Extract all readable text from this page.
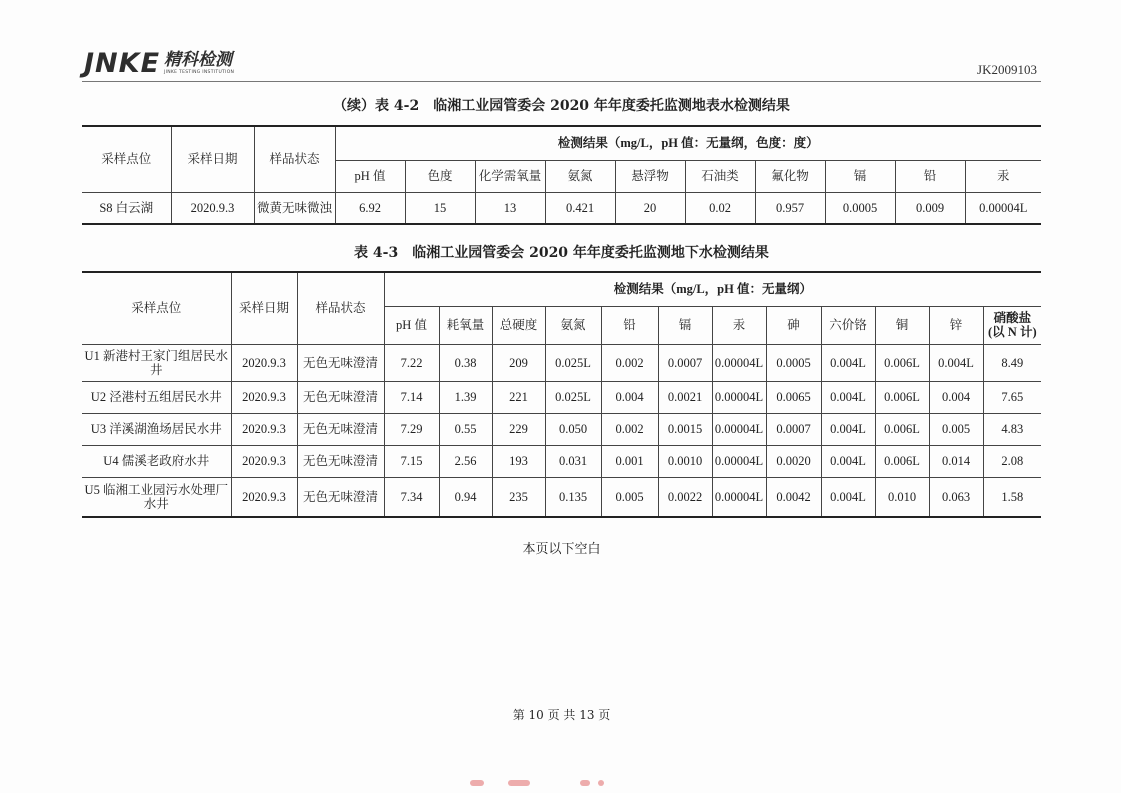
JNKE 精科检测
JINKE TESTING INSTITUTION	JK2009103
（续）表 4-2　临湘工业园管委会 2020 年年度委托监测地表水检测结果
采样点位	采样日期	样品状态	检测结果（mg/L，pH 值：无量纲，色度：度）									
			pH 值	色度	化学需氧量	氨氮	悬浮物	石油类	氟化物	镉	铅	汞
S8 白云湖	2020.9.3	微黄无味微浊	6.92	15	13	0.421	20	0.02	0.957	0.0005	0.009	0.00004L
表 4-3　临湘工业园管委会 2020 年年度委托监测地下水检测结果
采样点位	采样日期	样品状态	检测结果（mg/L，pH 值：无量纲）											
			pH 值	耗氧量	总硬度	氨氮	铅	镉	汞	砷	六价铬	铜	锌	硝酸盐
(以 N 计)

U1 新港村王家门组居民水井	2020.9.3	无色无味澄清	7.22	0.38	209	0.025L	0.002	0.0007	0.00004L	0.0005	0.004L	0.006L	0.004L	8.49
U2 泾港村五组居民水井	2020.9.3	无色无味澄清	7.14	1.39	221	0.025L	0.004	0.0021	0.00004L	0.0065	0.004L	0.006L	0.004	7.65
U3 洋溪湖渔场居民水井	2020.9.3	无色无味澄清	7.29	0.55	229	0.050	0.002	0.0015	0.00004L	0.0007	0.004L	0.006L	0.005	4.83
U4 儒溪老政府水井	2020.9.3	无色无味澄清	7.15	2.56	193	0.031	0.001	0.0010	0.00004L	0.0020	0.004L	0.006L	0.014	2.08
U5 临湘工业园污水处理厂水井	2020.9.3	无色无味澄清	7.34	0.94	235	0.135	0.005	0.0022	0.00004L	0.0042	0.004L	0.010	0.063	1.58
本页以下空白
第 10 页 共 13 页
